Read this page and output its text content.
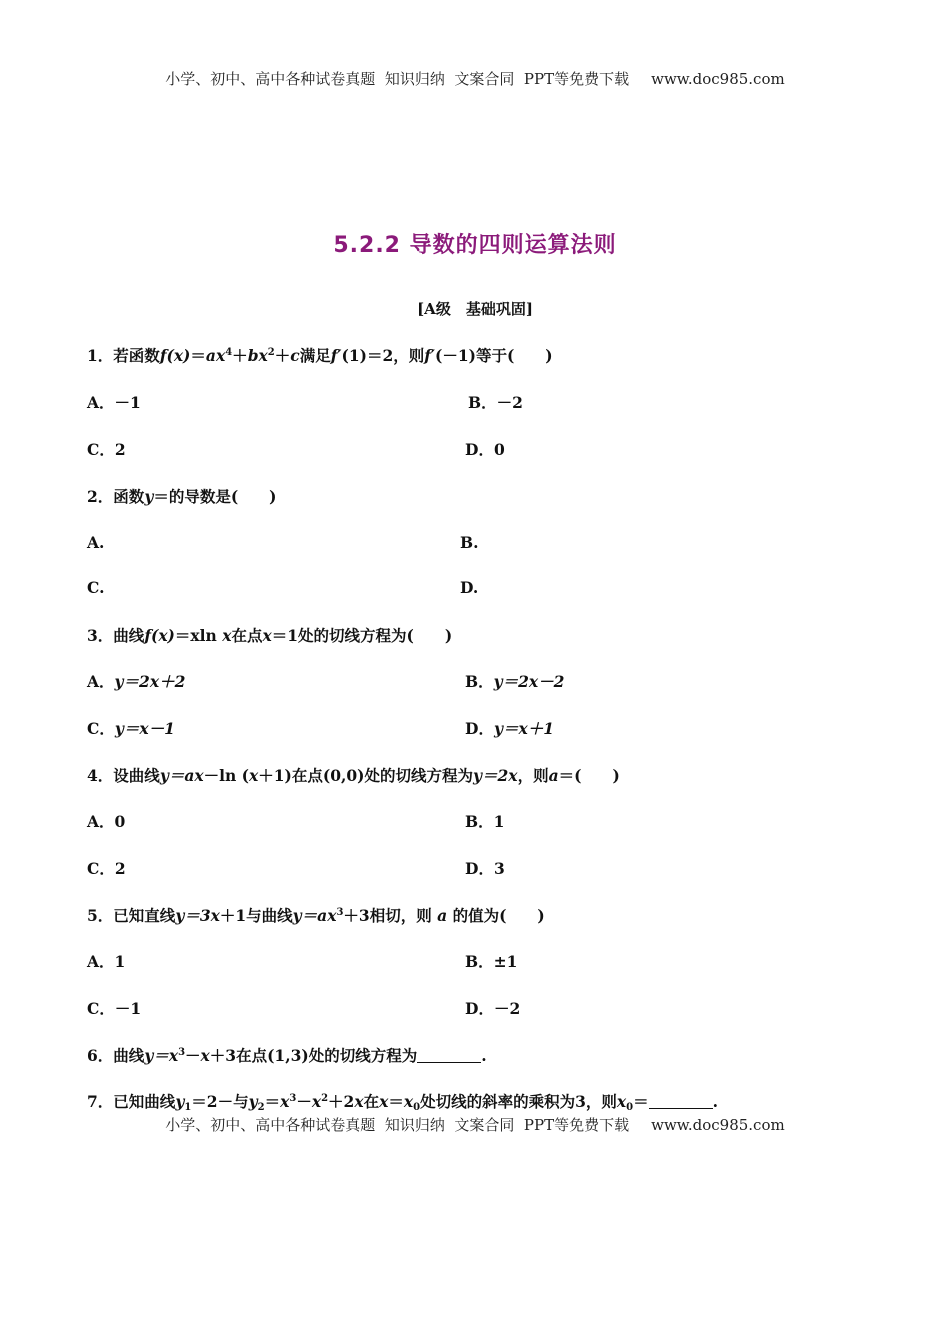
小学、初中、高中各种试卷真题  知识归纳  文案合同  PPT等免费下载 www.doc985.com
5.2.2 导数的四则运算法则
[A级　基础巩固]
1．若函数$f(x)=ax^4+bx^2+c$满足f′(1)＝2，则f′(－1)等于(　　)
A．－1	B．－2
C．2	D．0
2．函数y＝的导数是(　　)
A.	B.
C.	D.
3．曲线f(x)＝xln x在点x＝1处的切线方程为(　　)
A．y＝2x＋2	B．y＝2x－2
C．y＝x－1	D．y＝x＋1
4．设曲线y＝ax－ln (x＋1)在点(0,0)处的切线方程为y＝2x，则a＝(　　)
A．0	B．1
C．2	D．3
5．已知直线y＝3x＋1与曲线$y=ax^3+3$相切，则 a 的值为(　　)
A．1	B．±1
C．－1	D．－2
6．曲线$y=x^3-x+3$在点(1,3)处的切线方程为	.
7．已知曲线$y_1=2-$与$y_2=x^3-x^2+2x$在$x=x_0$处切线的斜率的乘积为3，则$x_0=$	.
小学、初中、高中各种试卷真题  知识归纳  文案合同  PPT等免费下载 www.doc985.com
